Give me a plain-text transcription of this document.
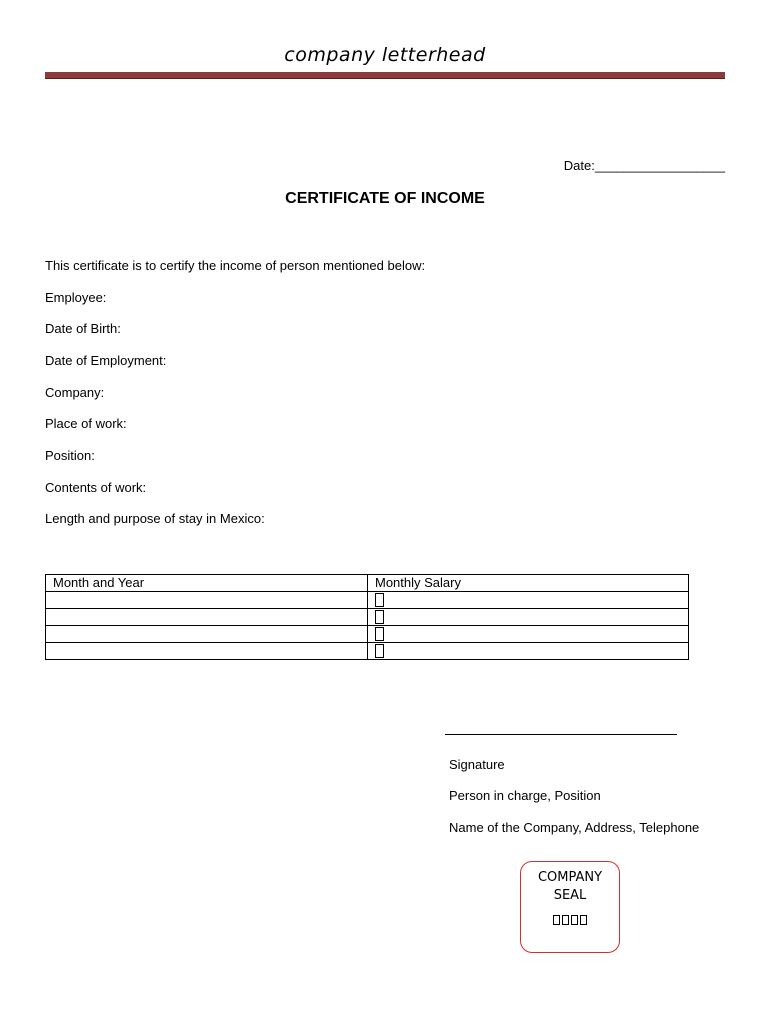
company letterhead
Date:__________________
CERTIFICATE OF INCOME
This certificate is to certify the income of person mentioned below:
Employee:
Date of Birth:
Date of Employment:
Company:
Place of work:
Position:
Contents of work:
Length and purpose of stay in Mexico:
Month and Year	Monthly Salary

Signature
Person in charge, Position
Name of the Company, Address, Telephone
COMPANY
SEAL
